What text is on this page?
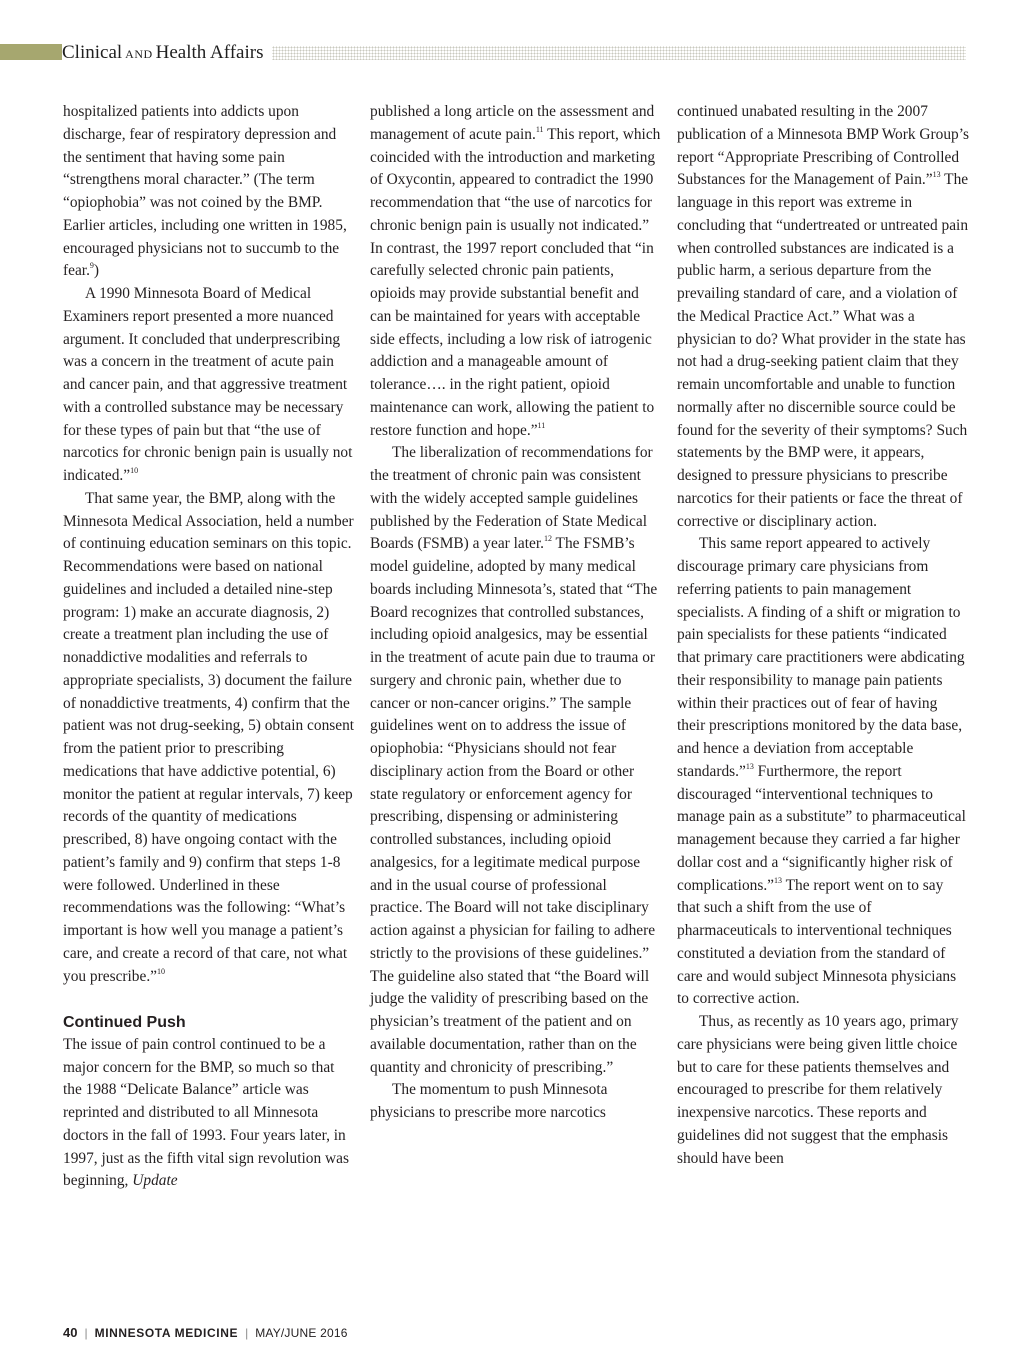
Clinical AND Health Affairs

hospitalized patients into addicts upon discharge, fear of respiratory depression and the sentiment that having some pain “strengthens moral character.” (The term “opiophobia” was not coined by the BMP. Earlier articles, including one written in 1985, encouraged physicians not to succumb to the fear.$^9$)

A 1990 Minnesota Board of Medical Examiners report presented a more nuanced argument. It concluded that underprescribing was a concern in the treatment of acute pain and cancer pain, and that aggressive treatment with a controlled substance may be necessary for these types of pain but that “the use of narcotics for chronic benign pain is usually not indicated.”$^{10}$

That same year, the BMP, along with the Minnesota Medical Association, held a number of continuing education seminars on this topic. Recommendations were based on national guidelines and included a detailed nine-step program: 1) make an accurate diagnosis, 2) create a treatment plan including the use of nonaddictive modalities and referrals to appropriate specialists, 3) document the failure of nonaddictive treatments, 4) confirm that the patient was not drug-seeking, 5) obtain consent from the patient prior to prescribing medications that have addictive potential, 6) monitor the patient at regular intervals, 7) keep records of the quantity of medications prescribed, 8) have ongoing contact with the patient’s family and 9) confirm that steps 1-8 were followed. Underlined in these recommendations was the following: “What’s important is how well you manage a patient’s care, and create a record of that care, not what you prescribe.”$^{10}$

Continued Push

The issue of pain control continued to be a major concern for the BMP, so much so that the 1988 “Delicate Balance” article was reprinted and distributed to all Minnesota doctors in the fall of 1993. Four years later, in 1997, just as the fifth vital sign revolution was beginning, Update

published a long article on the assessment and management of acute pain.$^{11}$ This report, which coincided with the introduction and marketing of Oxycontin, appeared to contradict the 1990 recommendation that “the use of narcotics for chronic benign pain is usually not indicated.” In contrast, the 1997 report concluded that “in carefully selected chronic pain patients, opioids may provide substantial benefit and can be maintained for years with acceptable side effects, including a low risk of iatrogenic addiction and a manageable amount of tolerance…. in the right patient, opioid maintenance can work, allowing the patient to restore function and hope.”$^{11}$

The liberalization of recommendations for the treatment of chronic pain was consistent with the widely accepted sample guidelines published by the Federation of State Medical Boards (FSMB) a year later.$^{12}$ The FSMB’s model guideline, adopted by many medical boards including Minnesota’s, stated that “The Board recognizes that controlled substances, including opioid analgesics, may be essential in the treatment of acute pain due to trauma or surgery and chronic pain, whether due to cancer or non-cancer origins.” The sample guidelines went on to address the issue of opiophobia: “Physicians should not fear disciplinary action from the Board or other state regulatory or enforcement agency for prescribing, dispensing or administering controlled substances, including opioid analgesics, for a legitimate medical purpose and in the usual course of professional practice. The Board will not take disciplinary action against a physician for failing to adhere strictly to the provisions of these guidelines.” The guideline also stated that “the Board will judge the validity of prescribing based on the physician’s treatment of the patient and on available documentation, rather than on the quantity and chronicity of prescribing.”

The momentum to push Minnesota physicians to prescribe more narcotics

continued unabated resulting in the 2007 publication of a Minnesota BMP Work Group’s report “Appropriate Prescribing of Controlled Substances for the Management of Pain.”$^{13}$ The language in this report was extreme in concluding that “undertreated or untreated pain when controlled substances are indicated is a public harm, a serious departure from the prevailing standard of care, and a violation of the Medical Practice Act.” What was a physician to do? What provider in the state has not had a drug-seeking patient claim that they remain uncomfortable and unable to function normally after no discernible source could be found for the severity of their symptoms? Such statements by the BMP were, it appears, designed to pressure physicians to prescribe narcotics for their patients or face the threat of corrective or disciplinary action.

This same report appeared to actively discourage primary care physicians from referring patients to pain management specialists. A finding of a shift or migration to pain specialists for these patients “indicated that primary care practitioners were abdicating their responsibility to manage pain patients within their practices out of fear of having their prescriptions monitored by the data base, and hence a deviation from acceptable standards.”$^{13}$ Furthermore, the report discouraged “interventional techniques to manage pain as a substitute” to pharmaceutical management because they carried a far higher dollar cost and a “significantly higher risk of complications.”$^{13}$ The report went on to say that such a shift from the use of pharmaceuticals to interventional techniques constituted a deviation from the standard of care and would subject Minnesota physicians to corrective action.

Thus, as recently as 10 years ago, primary care physicians were being given little choice but to care for these patients themselves and encouraged to prescribe for them relatively inexpensive narcotics. These reports and guidelines did not suggest that the emphasis should have been

40 | MINNESOTA MEDICINE | MAY/JUNE 2016
